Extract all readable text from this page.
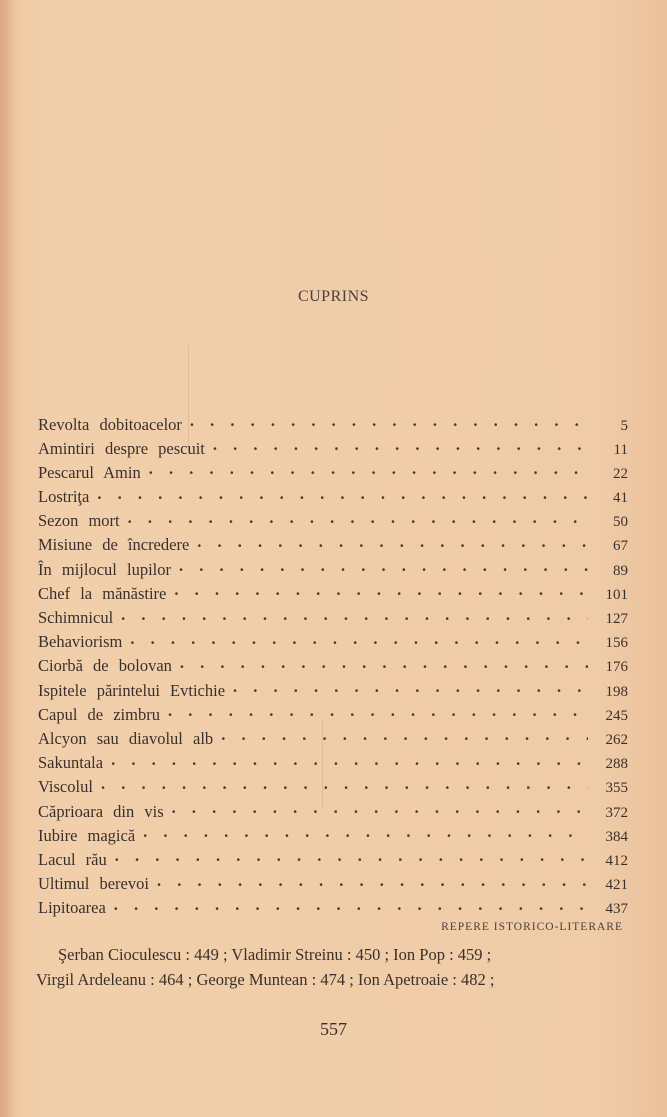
CUPRINS
Revolta dobitoacelor . . .	5
Amintiri despre pescuit . . .	11
Pescarul Amin . . .	22
Lostriţa . . .	41
Sezon mort . . .	50
Misiune de încredere . . .	67
În mijlocul lupilor . . .	89
Chef la mănăstire . . .	101
Schimnicul . . .	127
Behaviorism . . .	156
Ciorbă de bolovan . . .	176
Ispitele părintelui Evtichie . . .	198
Capul de zimbru . . .	245
Alcyon sau diavolul alb . . .	262
Sakuntala . . .	288
Viscolul . . .	355
Căprioara din vis . . .	372
Iubire magică . . .	384
Lacul rău . . .	412
Ultimul berevoi . . .	421
Lipitoarea . . .	437
REPERE ISTORICO-LITERARE
Şerban Cioculescu : 449 ; Vladimir Streinu : 450 ; Ion Pop : 459 ;
Virgil Ardeleanu : 464 ; George Muntean : 474 ; Ion Apetroaie : 482 ;
557
